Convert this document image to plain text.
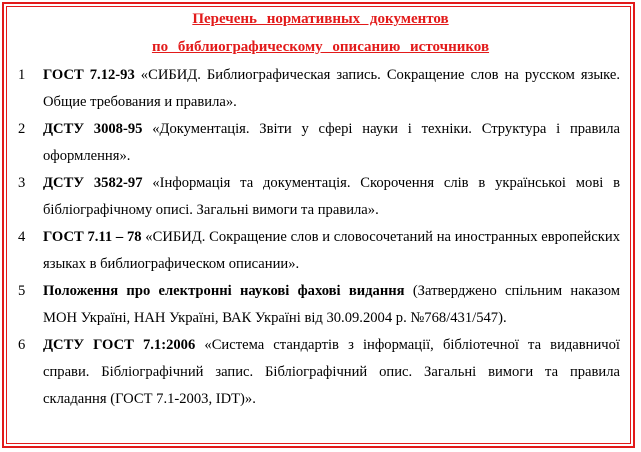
Перечень нормативных документов
по библиографическому описанию источников
1	ГОСТ 7.12-93 «СИБИД. Библиографическая запись. Сокращение слов на русском языке. Общие требования и правила».
2	ДСТУ 3008-95 «Документація. Звіти у сфері науки і техніки. Структура і правила оформлення».
3	ДСТУ 3582-97 «Інформація та документація. Скорочення слів в українськоі мові в бібліографічному описі. Загальні вимоги та правила».
4	ГОСТ 7.11 – 78 «СИБИД. Сокращение слов и словосочетаний на иностранных европейских языках в библиографическом описании».
5	Положення про електронні наукові фахові видання (Затверджено спільним наказом МОН Україні, НАН Україні, ВАК Україні від 30.09.2004 р. №768/431/547).
6	ДСТУ ГОСТ 7.1:2006 «Система стандартів з інформації, бібліотечної та видавничої справи. Бібліографічний запис. Бібліографічний опис. Загальні вимоги та правила складання (ГОСТ 7.1-2003, IDT)».
